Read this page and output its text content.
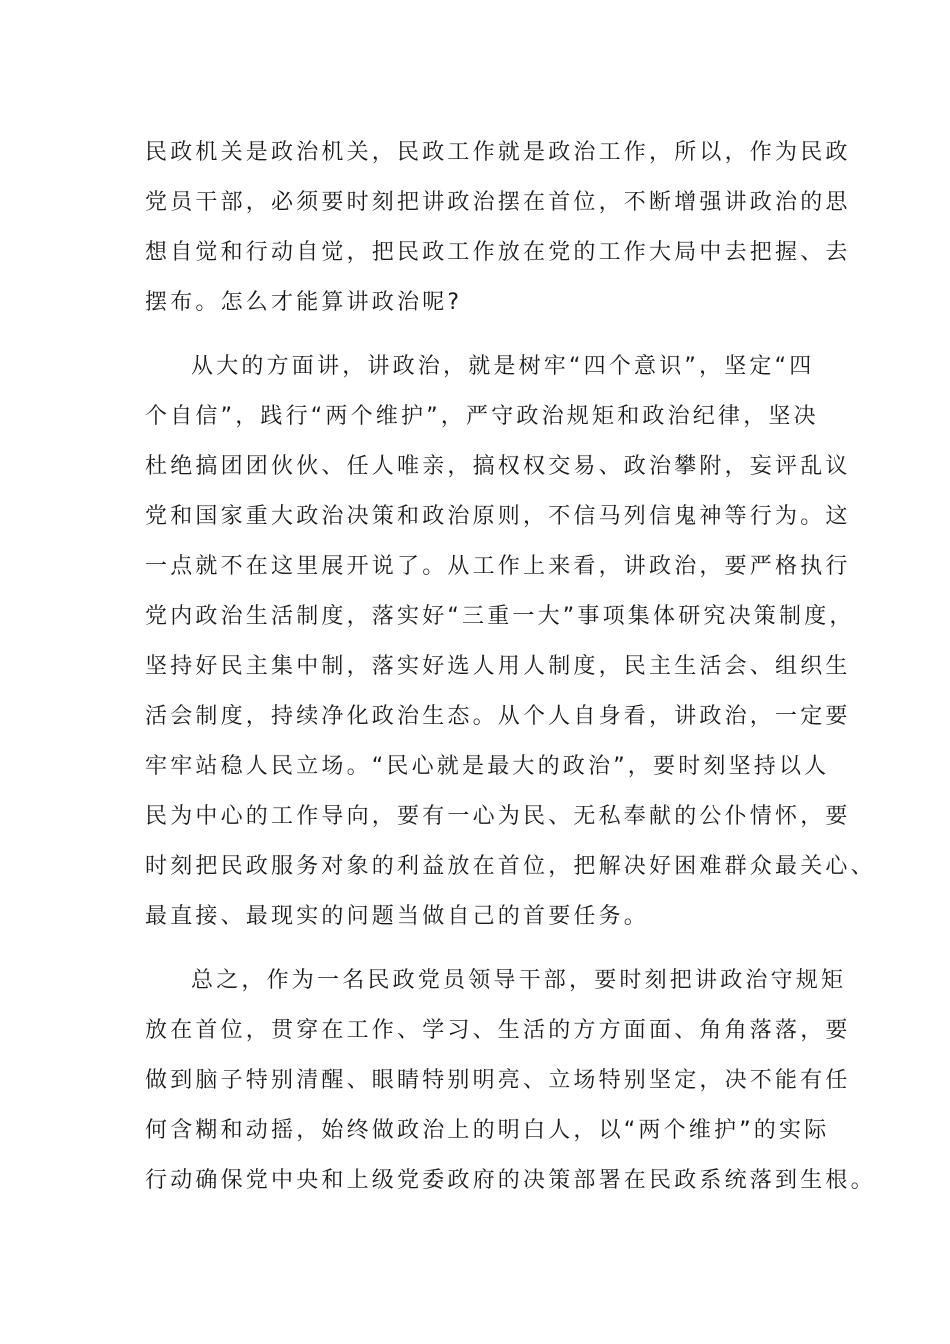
民政机关是政治机关，民政工作就是政治工作，所以，作为民政
党员干部，必须要时刻把讲政治摆在首位，不断增强讲政治的思
想自觉和行动自觉，把民政工作放在党的工作大局中去把握、去
摆布。怎么才能算讲政治呢?
从大的方面讲，讲政治，就是树牢“四个意识”，坚定“四
个自信”，践行“两个维护”，严守政治规矩和政治纪律，坚决
杜绝搞团团伙伙、任人唯亲，搞权权交易、政治攀附，妄评乱议
党和国家重大政治决策和政治原则，不信马列信鬼神等行为。这
一点就不在这里展开说了。从工作上来看，讲政治，要严格执行
党内政治生活制度，落实好“三重一大”事项集体研究决策制度，
坚持好民主集中制，落实好选人用人制度，民主生活会、组织生
活会制度，持续净化政治生态。从个人自身看，讲政治，一定要
牢牢站稳人民立场。“民心就是最大的政治”，要时刻坚持以人
民为中心的工作导向，要有一心为民、无私奉献的公仆情怀，要
时刻把民政服务对象的利益放在首位，把解决好困难群众最关心、
最直接、最现实的问题当做自己的首要任务。
总之，作为一名民政党员领导干部，要时刻把讲政治守规矩
放在首位，贯穿在工作、学习、生活的方方面面、角角落落，要
做到脑子特别清醒、眼睛特别明亮、立场特别坚定，决不能有任
何含糊和动摇，始终做政治上的明白人，以“两个维护”的实际
行动确保党中央和上级党委政府的决策部署在民政系统落到生根。
